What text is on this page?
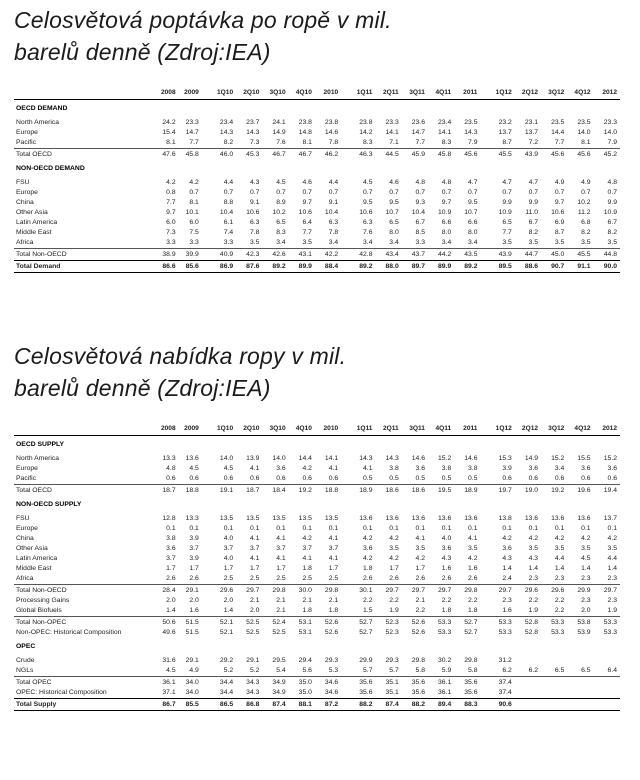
Celosvětová poptávka po ropě v mil.
barelů denně (Zdroj:IEA)
	2008	2009		1Q10	2Q10	3Q10	4Q10	2010		1Q11	2Q11	3Q11	4Q11	2011		1Q12	2Q12	3Q12	4Q12	2012
OECD DEMAND																				
North America	24.2	23.3		23.4	23.7	24.1	23.8	23.8		23.8	23.3	23.6	23.4	23.5		23.2	23.1	23.5	23.5	23.3
Europe	15.4	14.7		14.3	14.3	14.9	14.8	14.6		14.2	14.1	14.7	14.1	14.3		13.7	13.7	14.4	14.0	14.0
Pacific	8.1	7.7		8.2	7.3	7.6	8.1	7.8		8.3	7.1	7.7	8.3	7.9		8.7	7.2	7.7	8.1	7.9
Total OECD	47.6	45.8		46.0	45.3	46.7	46.7	46.2		46.3	44.5	45.9	45.8	45.6		45.5	43.9	45.6	45.6	45.2
NON-OECD DEMAND																				
FSU	4.2	4.2		4.4	4.3	4.5	4.6	4.4		4.5	4.6	4.8	4.8	4.7		4.7	4.7	4.9	4.9	4.8
Europe	0.8	0.7		0.7	0.7	0.7	0.7	0.7		0.7	0.7	0.7	0.7	0.7		0.7	0.7	0.7	0.7	0.7
China	7.7	8.1		8.8	9.1	8.9	9.7	9.1		9.5	9.5	9.3	9.7	9.5		9.9	9.9	9.7	10.2	9.9
Other Asia	9.7	10.1		10.4	10.6	10.2	10.6	10.4		10.6	10.7	10.4	10.9	10.7		10.9	11.0	10.6	11.2	10.9
Latin America	6.0	6.0		6.1	6.3	6.5	6.4	6.3		6.3	6.5	6.7	6.6	6.6		6.5	6.7	6.9	6.8	6.7
Middle East	7.3	7.5		7.4	7.8	8.3	7.7	7.8		7.6	8.0	8.5	8.0	8.0		7.7	8.2	8.7	8.2	8.2
Africa	3.3	3.3		3.3	3.5	3.4	3.5	3.4		3.4	3.4	3.3	3.4	3.4		3.5	3.5	3.5	3.5	3.5
Total Non-OECD	38.9	39.9		40.9	42.3	42.6	43.1	42.2		42.8	43.4	43.7	44.2	43.5		43.9	44.7	45.0	45.5	44.8
Total Demand	86.6	85.6		86.9	87.6	89.2	89.9	88.4		89.2	88.0	89.7	89.9	89.2		89.5	88.6	90.7	91.1	90.0
Celosvětová nabídka ropy v mil.
barelů denně (Zdroj:IEA)
	2008	2009		1Q10	2Q10	3Q10	4Q10	2010		1Q11	2Q11	3Q11	4Q11	2011		1Q12	2Q12	3Q12	4Q12	2012
OECD SUPPLY																				
North America	13.3	13.6		14.0	13.9	14.0	14.4	14.1		14.3	14.3	14.6	15.2	14.6		15.3	14.9	15.2	15.5	15.2
Europe	4.8	4.5		4.5	4.1	3.6	4.2	4.1		4.1	3.8	3.6	3.8	3.8		3.9	3.6	3.4	3.6	3.6
Pacific	0.6	0.6		0.6	0.6	0.6	0.6	0.6		0.5	0.5	0.5	0.5	0.5		0.6	0.6	0.6	0.6	0.6
Total OECD	18.7	18.8		19.1	18.7	18.4	19.2	18.8		18.9	18.6	18.6	19.5	18.9		19.7	19.0	19.2	19.6	19.4
NON-OECD SUPPLY																				
FSU	12.8	13.3		13.5	13.5	13.5	13.5	13.5		13.6	13.6	13.6	13.6	13.6		13.8	13.6	13.6	13.6	13.7
Europe	0.1	0.1		0.1	0.1	0.1	0.1	0.1		0.1	0.1	0.1	0.1	0.1		0.1	0.1	0.1	0.1	0.1
China	3.8	3.9		4.0	4.1	4.1	4.2	4.1		4.2	4.2	4.1	4.0	4.1		4.2	4.2	4.2	4.2	4.2
Other Asia	3.6	3.7		3.7	3.7	3.7	3.7	3.7		3.6	3.5	3.5	3.6	3.5		3.6	3.5	3.5	3.5	3.5
Latin America	3.7	3.9		4.0	4.1	4.1	4.1	4.1		4.2	4.2	4.2	4.3	4.2		4.3	4.3	4.4	4.5	4.4
Middle East	1.7	1.7		1.7	1.7	1.7	1.8	1.7		1.8	1.7	1.7	1.6	1.6		1.4	1.4	1.4	1.4	1.4
Africa	2.6	2.6		2.5	2.5	2.5	2.5	2.5		2.6	2.6	2.6	2.6	2.6		2.4	2.3	2.3	2.3	2.3
Total Non-OECD	28.4	29.1		29.6	29.7	29.8	30.0	29.8		30.1	29.7	29.7	29.7	29.8		29.7	29.6	29.6	29.9	29.7
Processing Gains	2.0	2.0		2.0	2.1	2.1	2.1	2.1		2.2	2.2	2.1	2.2	2.2		2.3	2.2	2.2	2.3	2.3
Global Biofuels	1.4	1.6		1.4	2.0	2.1	1.8	1.8		1.5	1.9	2.2	1.8	1.8		1.6	1.9	2.2	2.0	1.9
Total Non-OPEC	50.6	51.5		52.1	52.5	52.4	53.1	52.6		52.7	52.3	52.6	53.3	52.7		53.3	52.8	53.3	53.8	53.3
Non-OPEC: Historical Composition	49.6	51.5		52.1	52.5	52.5	53.1	52.6		52.7	52.3	52.6	53.3	52.7		53.3	52.8	53.3	53.9	53.3
OPEC																				
Crude	31.6	29.1		29.2	29.1	29.5	29.4	29.3		29.9	29.3	29.8	30.2	29.8		31.2				
NGLs	4.5	4.9		5.2	5.2	5.4	5.6	5.3		5.7	5.7	5.8	5.9	5.8		6.2	6.2	6.5	6.5	6.4
Total OPEC	36.1	34.0		34.4	34.3	34.9	35.0	34.6		35.6	35.1	35.6	36.1	35.6		37.4				
OPEC: Historical Composition	37.1	34.0		34.4	34.3	34.9	35.0	34.6		35.6	35.1	35.6	36.1	35.6		37.4				
Total Supply	86.7	85.5		86.5	86.8	87.4	88.1	87.2		88.2	87.4	88.2	89.4	88.3		90.6				
